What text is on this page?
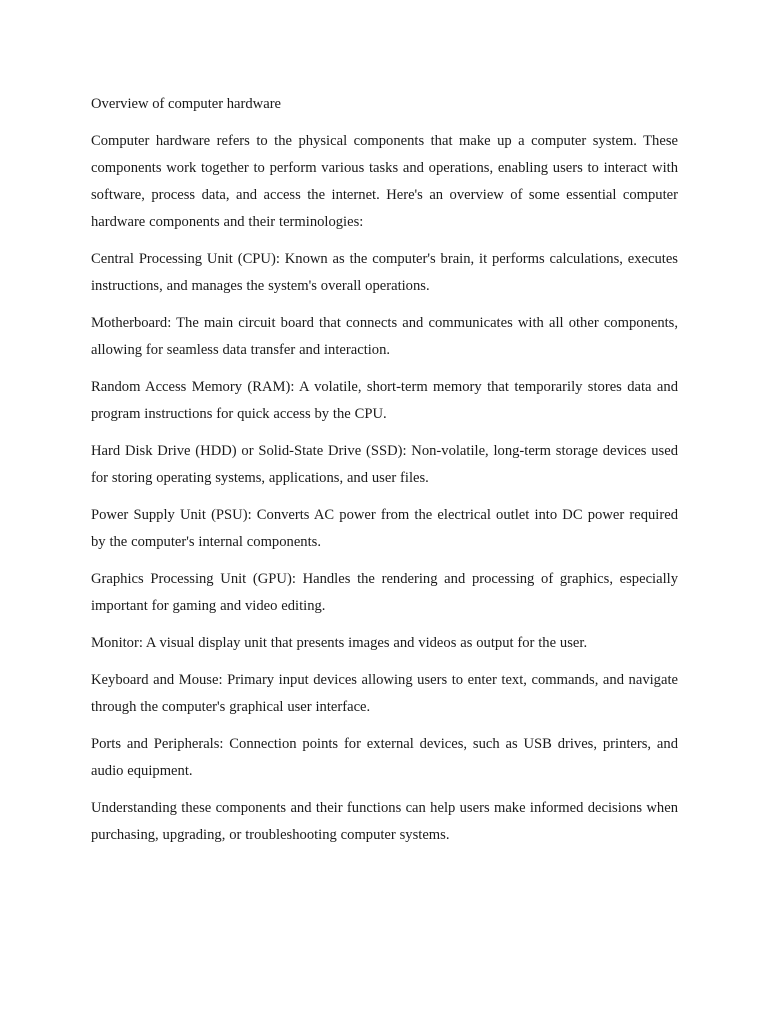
Overview of computer hardware

Computer hardware refers to the physical components that make up a computer system. These components work together to perform various tasks and operations, enabling users to interact with software, process data, and access the internet. Here's an overview of some essential computer hardware components and their terminologies:

Central Processing Unit (CPU): Known as the computer's brain, it performs calculations, executes instructions, and manages the system's overall operations.

Motherboard: The main circuit board that connects and communicates with all other components, allowing for seamless data transfer and interaction.

Random Access Memory (RAM): A volatile, short-term memory that temporarily stores data and program instructions for quick access by the CPU.

Hard Disk Drive (HDD) or Solid-State Drive (SSD): Non-volatile, long-term storage devices used for storing operating systems, applications, and user files.

Power Supply Unit (PSU): Converts AC power from the electrical outlet into DC power required by the computer's internal components.

Graphics Processing Unit (GPU): Handles the rendering and processing of graphics, especially important for gaming and video editing.

Monitor: A visual display unit that presents images and videos as output for the user.

Keyboard and Mouse: Primary input devices allowing users to enter text, commands, and navigate through the computer's graphical user interface.

Ports and Peripherals: Connection points for external devices, such as USB drives, printers, and audio equipment.

Understanding these components and their functions can help users make informed decisions when purchasing, upgrading, or troubleshooting computer systems.
